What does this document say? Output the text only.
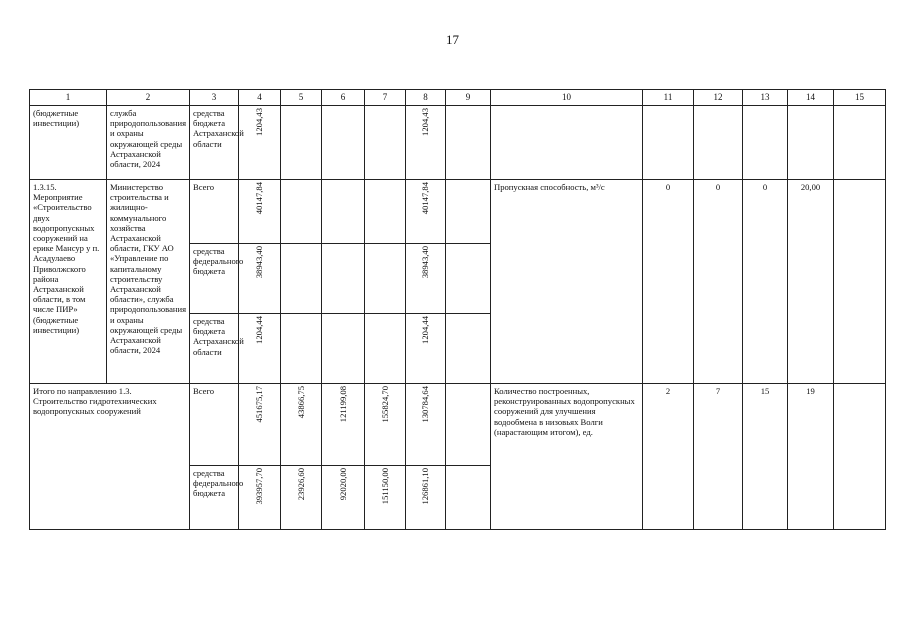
17
1	2	3	4	5	6	7	8	9	10	11	12	13	14	15
(бюджетные инвестиции)	служба природопользования и охраны окружающей среды Астраханской области, 2024	средства бюджета Астраханской области	1204,43				1204,43							
1.3.15. Мероприятие «Строительство двух водопропускных сооружений на ерике Мансур у п. Асадулаево Приволжского района Астраханской области, в том числе ПИР» (бюджетные инвестиции)	Министерство строительства и жилищно-коммунального хозяйства Астраханской области, ГКУ АО «Управление по капитальному строительству Астраханской области», служба природопользования и охраны окружающей среды Астраханской области, 2024	Всего	40147,84				40147,84		Пропускная способность, м³/с	0	0	0	20,00	
		средства федерального бюджета	38943,40				38943,40							
		средства бюджета Астраханской области	1204,44				1204,44							
Итого по направлению 1.3. Строительство гидротехнических водопропускных сооружений		Всего	451675,17	43866,75	121199,08	155824,70	130784,64		Количество построенных, реконструированных водопропускных сооружений для улучшения водообмена в низовьях Волги (нарастающим итогом), ед.	2	7	15	19	
		средства федерального бюджета	393957,70	23926,60	92020,00	151150,00	126861,10							
